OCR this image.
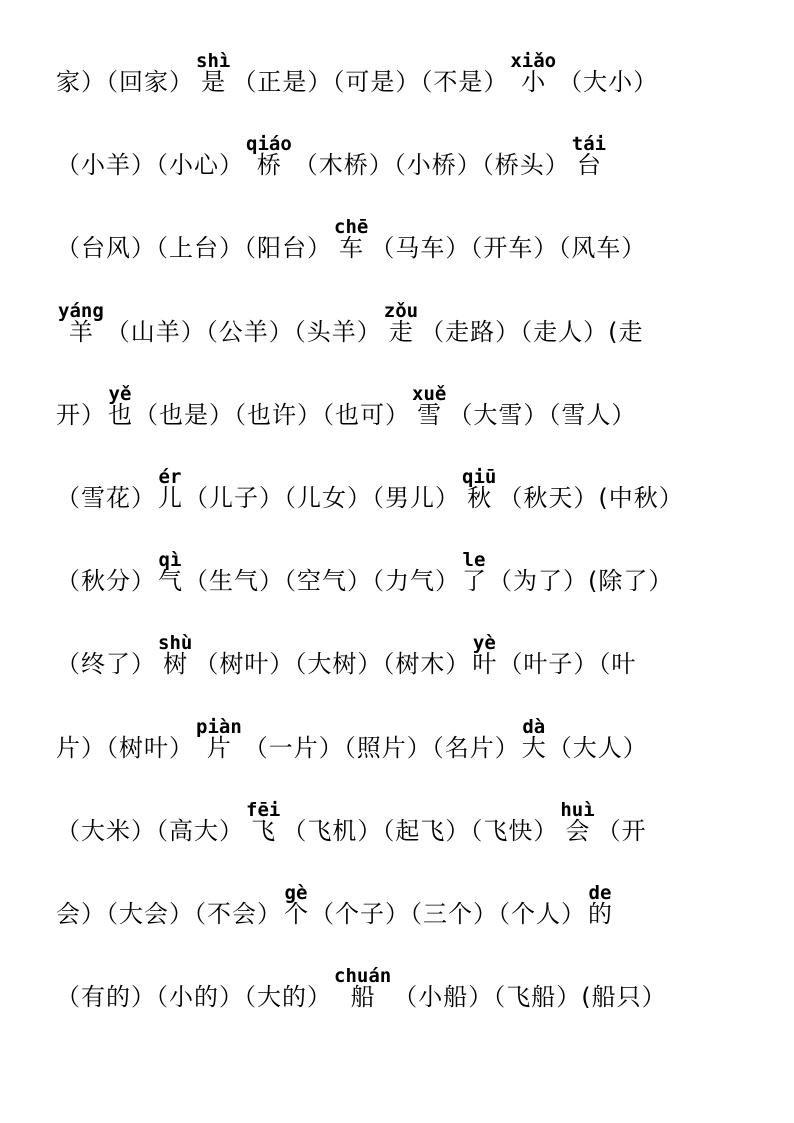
家）（回家）
shì
是 （正是）（可是）（不是）
xiǎo
小 （大小）
（小羊）（小心）
qiáo
桥 （木桥）（小桥）（桥头）
tái
台
（台风）（上台）（阳台）
chē
车 （马车）（开车）（风车）
yáng
羊 （山羊）（公羊）（头羊）
zǒu
走 （走路）（走人）(走
开）
yě
也 （也是）（也许）（也可）
xuě
雪 （大雪）（雪人）
（雪花）
ér
儿 （儿子）（儿女）（男儿）
qiū
秋 （秋天）(中秋）
（秋分）
qì
气 （生气）（空气）（力气）
le
了 （为了）(除了）
（终了）
shù
树 （树叶）（大树）（树木）
yè
叶 （叶子）（叶
片）（树叶）
piàn
片 （一片）（照片）（名片）
dà
大 （大人）
（大米）（高大）
fēi
飞 （飞机）（起飞）（飞快）
huì
会 （开
会）（大会）（不会）
gè
个 （个子）（三个）（个人）
de
的
（有的）（小的）（大的）
chuán
船 （小船）（飞船）(船只）
